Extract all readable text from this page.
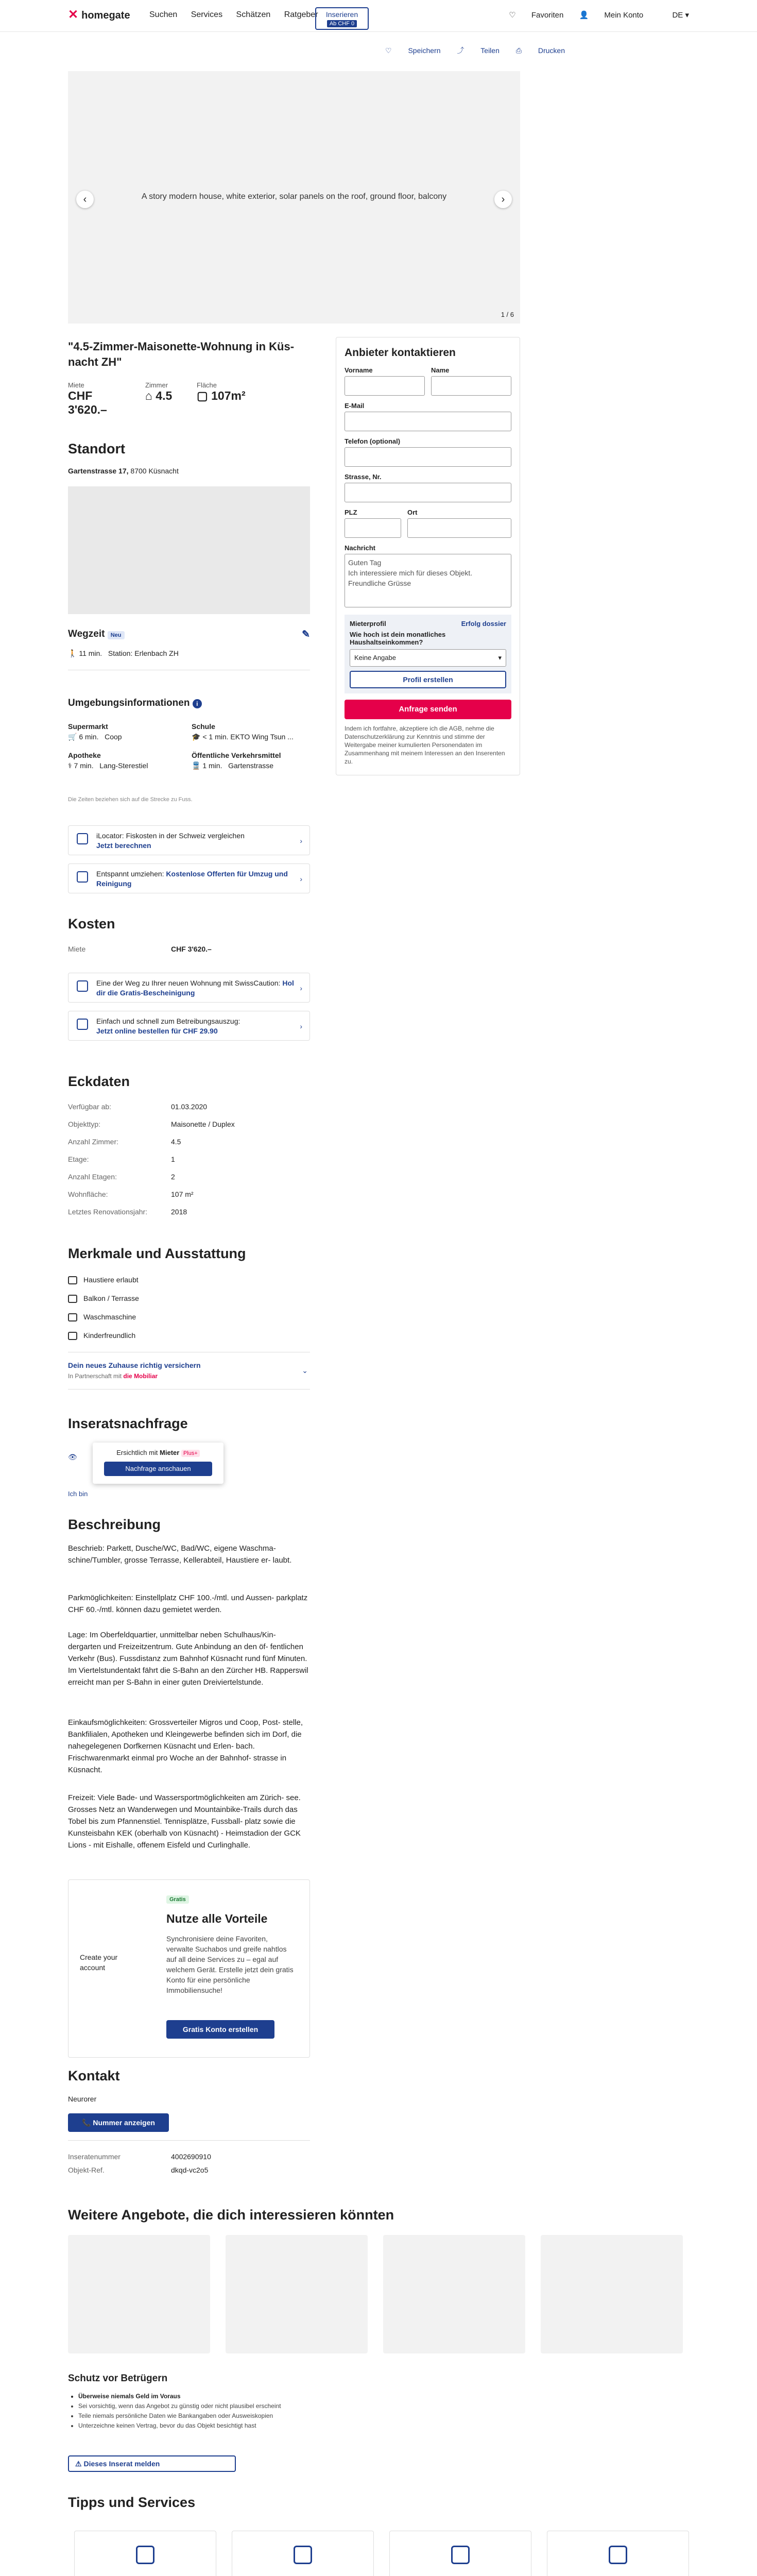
✕ homegate Suchen Services Schätzen Ratgeber	Inserieren
Ab CHF 0
♡ Favoriten 👤 Mein Konto	DE ▾
♡ Speichern ⤴ Teilen ⎙ Drucken
A story modern house, white exterior, solar panels on the roof, ground floor, balcony
‹	›
1 / 6
"4.5-Zimmer-Maisonette-Wohnung in Küs- nacht ZH"
Miete
CHF 3'620.–
Zimmer
⌂ 4.5
Fläche
▢ 107m²
Standort
Gartenstrasse 17, 8700 Küsnacht
Wegzeit Neu	✎
🚶 11 min. Station: Erlenbach ZH
Umgebungsinformationen i
Supermarkt
🛒 6 min. Coop
Schule
🎓 < 1 min. EKTO Wing Tsun ...
Apotheke
⚕ 7 min. Lang-Sterestiel
Öffentliche Verkehrsmittel
🚆 1 min. Gartenstrasse
Die Zeiten beziehen sich auf die Strecke zu Fuss.
iLocator: Fiskosten in der Schweiz vergleichen
Jetzt berechnen
›
Entspannt umziehen: Kostenlose Offerten für Umzug und Reinigung
›
Kosten
Miete	CHF 3'620.–
Eine der Weg zu Ihrer neuen Wohnung mit SwissCaution: Hol dir die Gratis-Bescheinigung
›
Einfach und schnell zum Betreibungsauszug:
Jetzt online bestellen für CHF 29.90
›
Eckdaten
Verfügbar ab:	01.03.2020
Objekttyp:	Maisonette / Duplex
Anzahl Zimmer:	4.5
Etage:	1
Anzahl Etagen:	2
Wohnfläche:	107 m²
Letztes Renovationsjahr:	2018
Merkmale und Ausstattung
Haustiere erlaubt
Balkon / Terrasse
Waschmaschine
Kinderfreundlich
Dein neues Zuhause richtig versichern
In Partnerschaft mit die Mobiliar
⌄
Inseratsnachfrage
👁
Ersichtlich mit Mieter Plus+
Nachfrage anschauen
Ich bin
Beschreibung

Beschrieb: Parkett, Dusche/WC, Bad/WC, eigene Waschma- schine/Tumbler, grosse Terrasse, Kellerabteil, Haustiere er- laubt.

Parkmöglichkeiten: Einstellplatz CHF 100.-/mtl. und Aussen- parkplatz CHF 60.-/mtl. können dazu gemietet werden.

Lage: Im Oberfeldquartier, unmittelbar neben Schulhaus/Kin- dergarten und Freizeitzentrum. Gute Anbindung an den öf- fentlichen Verkehr (Bus). Fussdistanz zum Bahnhof Küsnacht rund fünf Minuten. Im Viertelstundentakt fährt die S-Bahn an den Zürcher HB. Rapperswil erreicht man per S-Bahn in einer guten Dreiviertelstunde.

Einkaufsmöglichkeiten: Grossverteiler Migros und Coop, Post- stelle, Bankfilialen, Apotheken und Kleingewerbe befinden sich im Dorf, die nahegelegenen Dorfkernen Küsnacht und Erlen- bach. Frischwarenmarkt einmal pro Woche an der Bahnhof- strasse in Küsnacht.

Freizeit: Viele Bade- und Wassersportmöglichkeiten am Zürich- see. Grosses Netz an Wanderwegen und Mountainbike-Trails durch das Tobel bis zum Pfannenstiel. Tennisplätze, Fussball- platz sowie die Kunsteisbahn KEK (oberhalb von Küsnacht) - Heimstadion der GCK Lions - mit Eishalle, offenem Eisfeld und Curlinghalle.

Create your account
Gratis
Nutze alle Vorteile
Synchronisiere deine Favoriten, verwalte Suchabos und greife nahtlos auf all deine Services zu – egal auf welchem Gerät. Erstelle jetzt dein gratis Konto für eine persönliche Immobiliensuche!
Gratis Konto erstellen
Kontakt
Neurorer
📞 Nummer anzeigen
Inseratenummer	4002690910
Objekt-Ref.	dkqd-vc2o5
Weitere Angebote, die dich interessieren könnten
Schutz vor Betrügern
• Überweise niemals Geld im Voraus
• Sei vorsichtig, wenn das Angebot zu günstig oder nicht plausibel erscheint
• Teile niemals persönliche Daten wie Bankangaben oder Ausweiskopien
• Unterzeichne keinen Vertrag, bevor du das Objekt besichtigt hast
⚠ Dieses Inserat melden
Tipps und Services

Anbieter kontaktieren
Vorname	Name
E-Mail
Telefon (optional)
Strasse, Nr.
PLZ	Ort
Nachricht
Guten Tag
Ich interessiere mich für dieses Objekt.
Freundliche Grüsse
Mieterprofil	Erfolg dossier
Wie hoch ist dein monatliches Haushaltseinkommen?
Keine Angabe	▾
Profil erstellen
Anfrage senden
Indem ich fortfahre, akzeptiere ich die AGB, nehme die Datenschutzerklärung zur Kenntnis und stimme der Weitergabe meiner kumulierten Personendaten im Zusammenhang mit meinem Interessen an den Inserenten zu.
